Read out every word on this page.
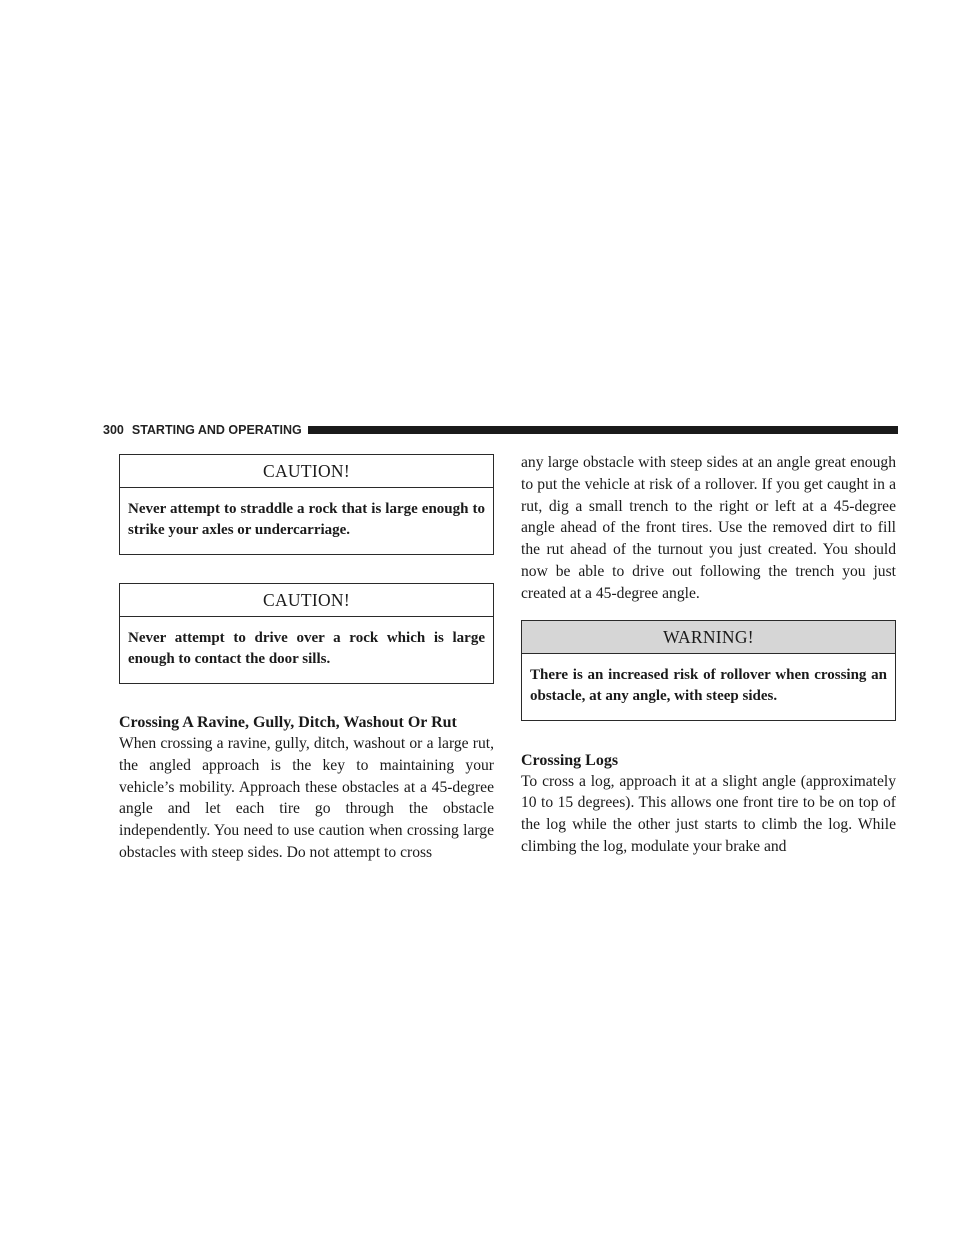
300 STARTING AND OPERATING
CAUTION!
Never attempt to straddle a rock that is large enough to strike your axles or undercarriage.
CAUTION!
Never attempt to drive over a rock which is large enough to contact the door sills.

Crossing A Ravine, Gully, Ditch, Washout Or Rut

When crossing a ravine, gully, ditch, washout or a large rut, the angled approach is the key to maintaining your vehicle’s mobility. Approach these obstacles at a 45-degree angle and let each tire go through the obstacle independently. You need to use caution when crossing large obstacles with steep sides. Do not attempt to cross

any large obstacle with steep sides at an angle great enough to put the vehicle at risk of a rollover. If you get caught in a rut, dig a small trench to the right or left at a 45-degree angle ahead of the front tires. Use the removed dirt to fill the rut ahead of the turnout you just created. You should now be able to drive out following the trench you just created at a 45-degree angle.

WARNING!
There is an increased risk of rollover when crossing an obstacle, at any angle, with steep sides.

Crossing Logs

To cross a log, approach it at a slight angle (approximately 10 to 15 degrees). This allows one front tire to be on top of the log while the other just starts to climb the log. While climbing the log, modulate your brake and
